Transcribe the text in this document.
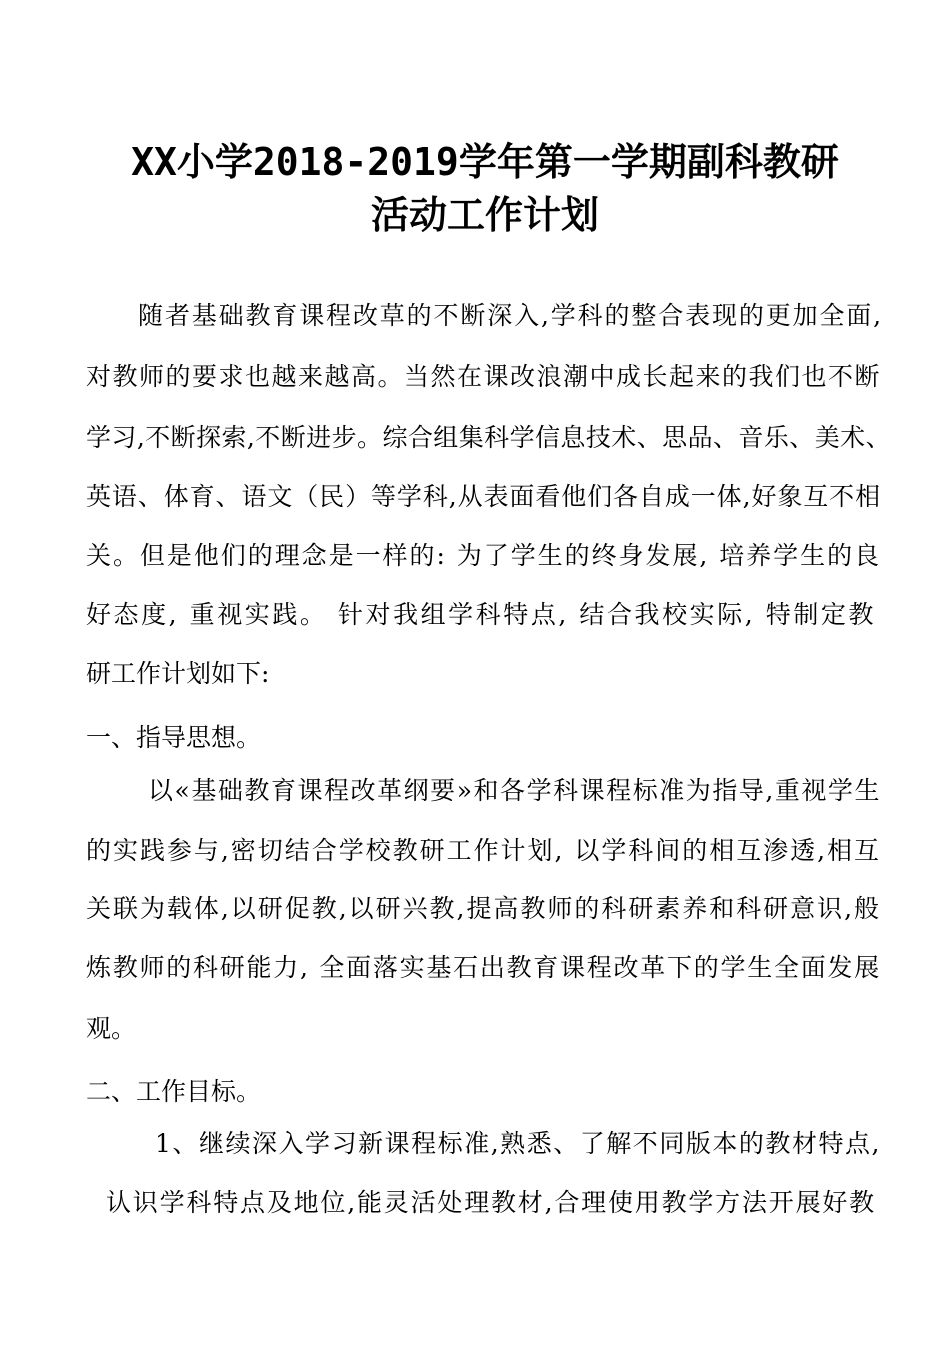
XX小学2018-2019学年第一学期副科教研
活动工作计划
随者基础教育课程改草的不断深入,学科的整合表现的更加全面,
对教师的要求也越来越高。当然在课改浪潮中成长起来的我们也不断
学习,不断探索,不断进步。综合组集科学信息技术、思品、音乐、美术、
英语、体育、语文（民）等学科,从表面看他们各自成一体,好象互不相
关。但是他们的理念是一样的: 为了学生的终身发展, 培养学生的良
好态度, 重视实践。 针对我组学科特点, 结合我校实际, 特制定教
研工作计划如下:
一、指导思想。
以«基础教育课程改革纲要»和各学科课程标准为指导,重视学生
的实践参与,密切结合学校教研工作计划, 以学科间的相互渗透,相互
关联为载体,以研促教,以研兴教,提高教师的科研素养和科研意识,般
炼教师的科研能力, 全面落实基石出教育课程改革下的学生全面发展
观。
二、工作目标。
1、继续深入学习新课程标准,熟悉、了解不同版本的教材特点,
认识学科特点及地位,能灵活处理教材,合理使用教学方法开展好教
